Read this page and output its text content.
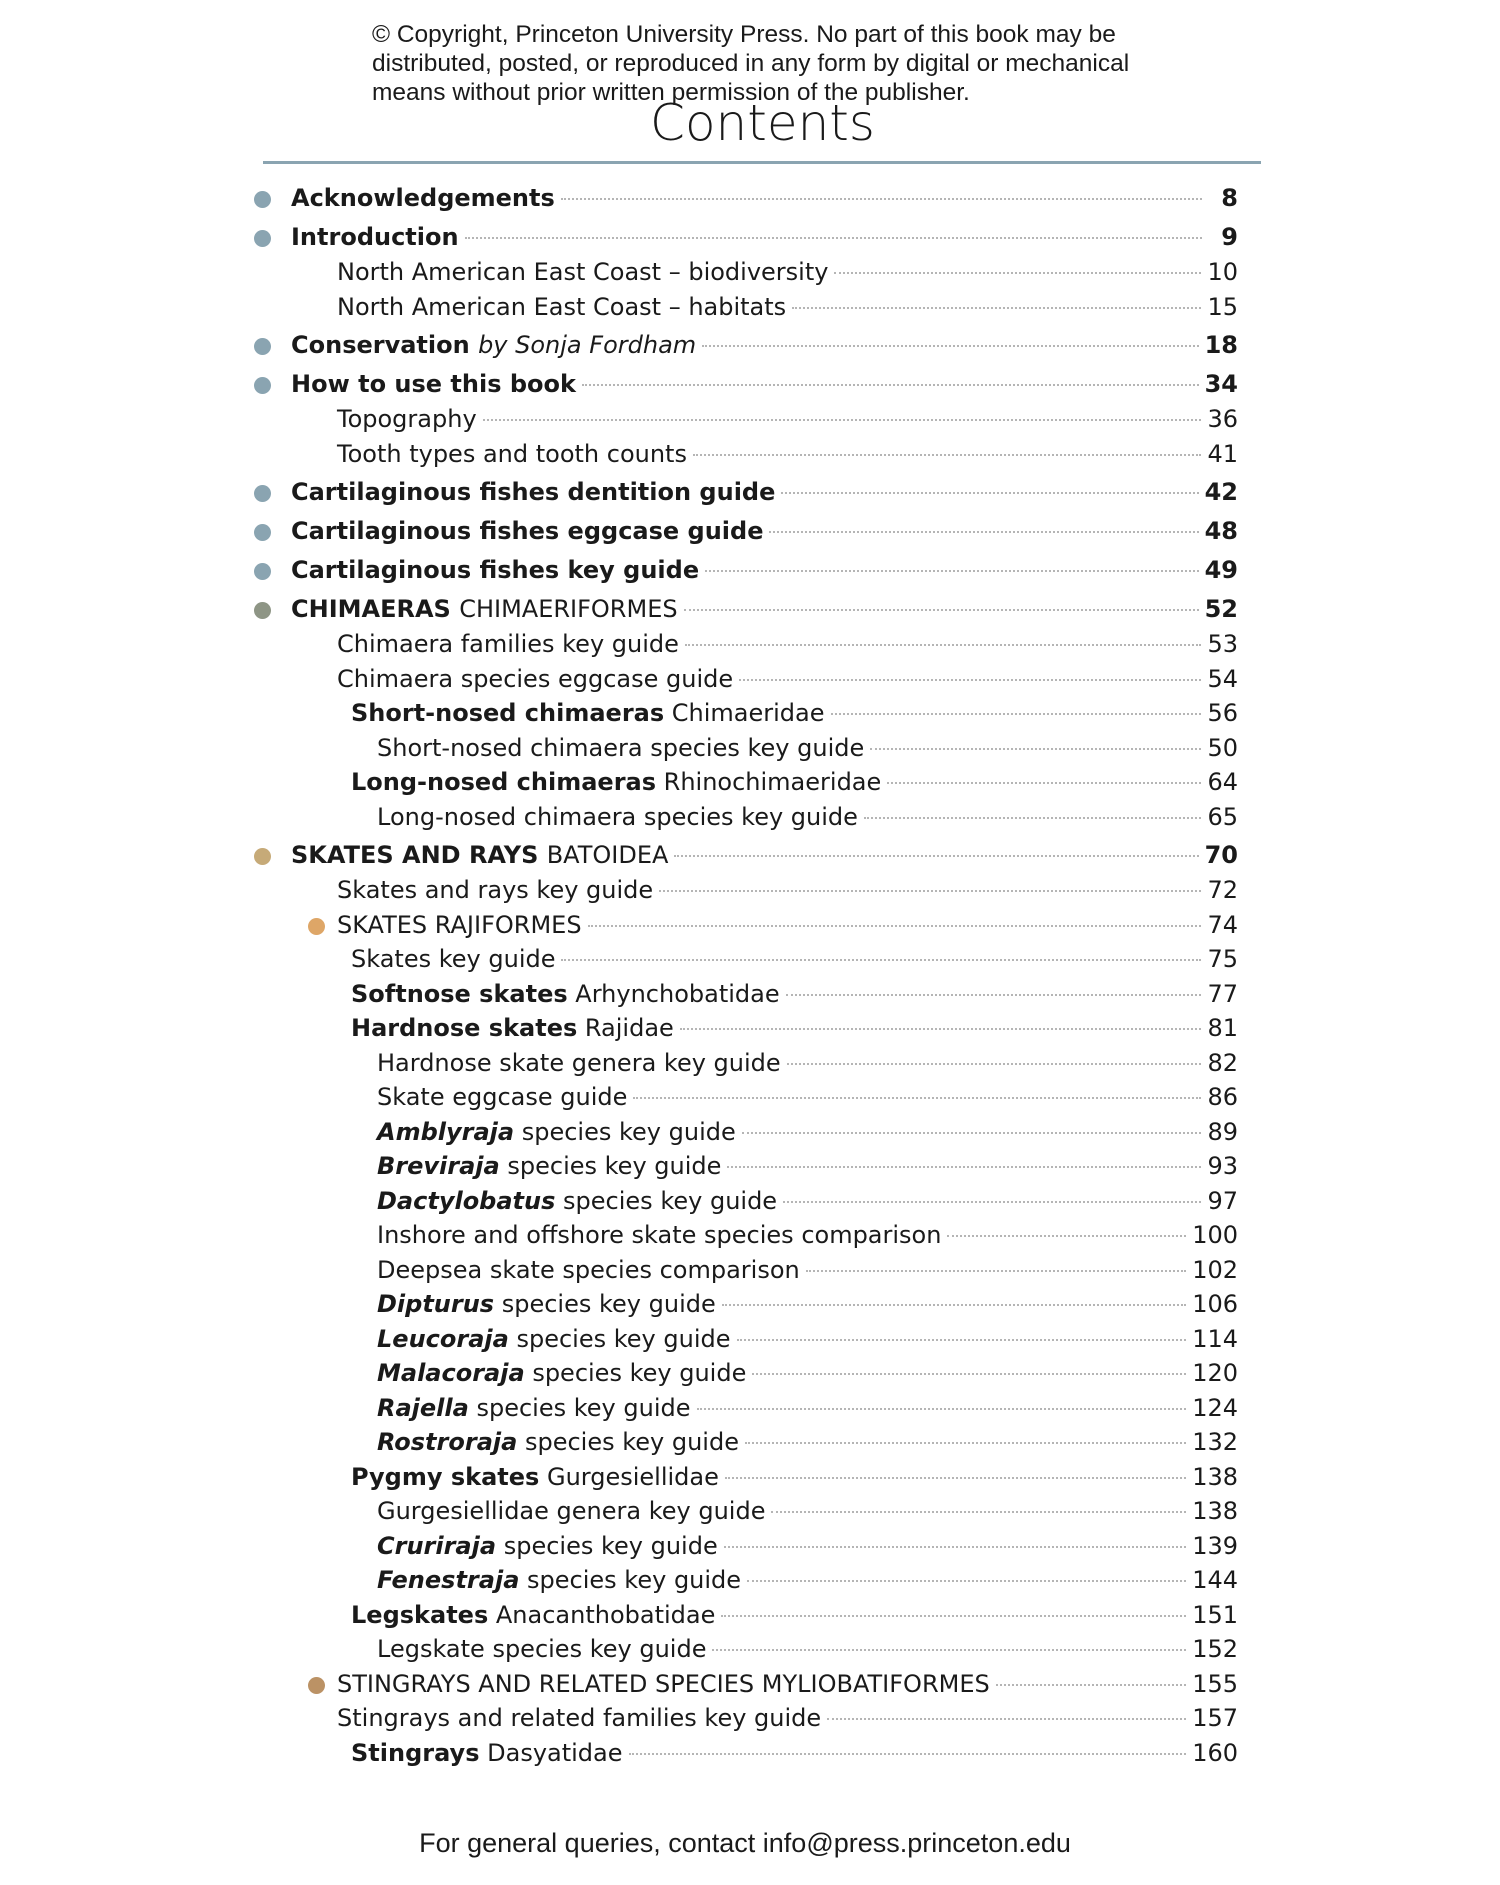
© Copyright, Princeton University Press. No part of this book may be
distributed, posted, or reproduced in any form by digital or mechanical
means without prior written permission of the publisher.
Contents
Acknowledgements	8
Introduction	9
North American East Coast – biodiversity	10
North American East Coast – habitats	15
Conservation
by Sonja Fordham	18
How to use this book	34
Topography	36
Tooth types and tooth counts	41
Cartilaginous fishes dentition guide	42
Cartilaginous fishes eggcase guide	48
Cartilaginous fishes key guide	49
CHIMAERAS
CHIMAERIFORMES	52
Chimaera families key guide	53
Chimaera species eggcase guide	54
Short-nosed chimaeras
Chimaeridae	56
Short-nosed chimaera species key guide	50
Long-nosed chimaeras
Rhinochimaeridae	64
Long-nosed chimaera species key guide	65
SKATES AND RAYS
BATOIDEA	70
Skates and rays key guide	72
SKATES RAJIFORMES	74
Skates key guide	75
Softnose skates
Arhynchobatidae	77
Hardnose skates
Rajidae	81
Hardnose skate genera key guide	82
Skate eggcase guide	86
Amblyraja
species key guide	89
Breviraja
species key guide	93
Dactylobatus
species key guide	97
Inshore and offshore skate species comparison	100
Deepsea skate species comparison	102
Dipturus
species key guide	106
Leucoraja
species key guide	114
Malacoraja
species key guide	120
Rajella
species key guide	124
Rostroraja
species key guide	132
Pygmy skates
Gurgesiellidae	138
Gurgesiellidae genera key guide	138
Cruriraja
species key guide	139
Fenestraja
species key guide	144
Legskates
Anacanthobatidae	151
Legskate species key guide	152
STINGRAYS AND RELATED SPECIES
MYLIOBATIFORMES	155
Stingrays and related families key guide	157
Stingrays
Dasyatidae	160
For general queries, contact info@press.princeton.edu
